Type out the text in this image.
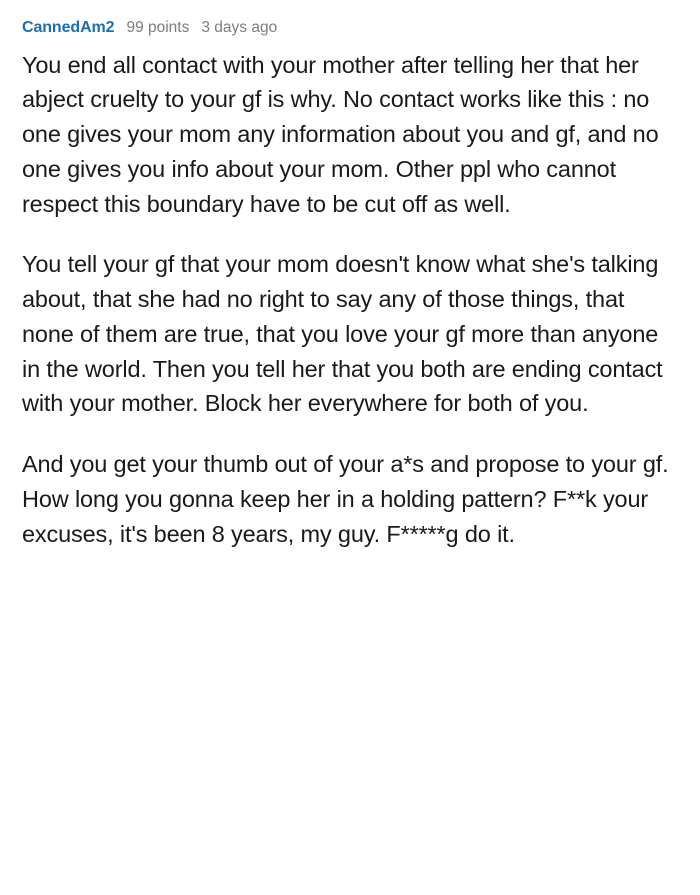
CannedAm2 99 points 3 days ago

You end all contact with your mother after telling her that her abject cruelty to your gf is why. No contact works like this : no one gives your mom any information about you and gf, and no one gives you info about your mom. Other ppl who cannot respect this boundary have to be cut off as well.

You tell your gf that your mom doesn't know what she's talking about, that she had no right to say any of those things, that none of them are true, that you love your gf more than anyone in the world. Then you tell her that you both are ending contact with your mother. Block her everywhere for both of you.

And you get your thumb out of your a*s and propose to your gf. How long you gonna keep her in a holding pattern? F**k your excuses, it's been 8 years, my guy. F*****g do it.
